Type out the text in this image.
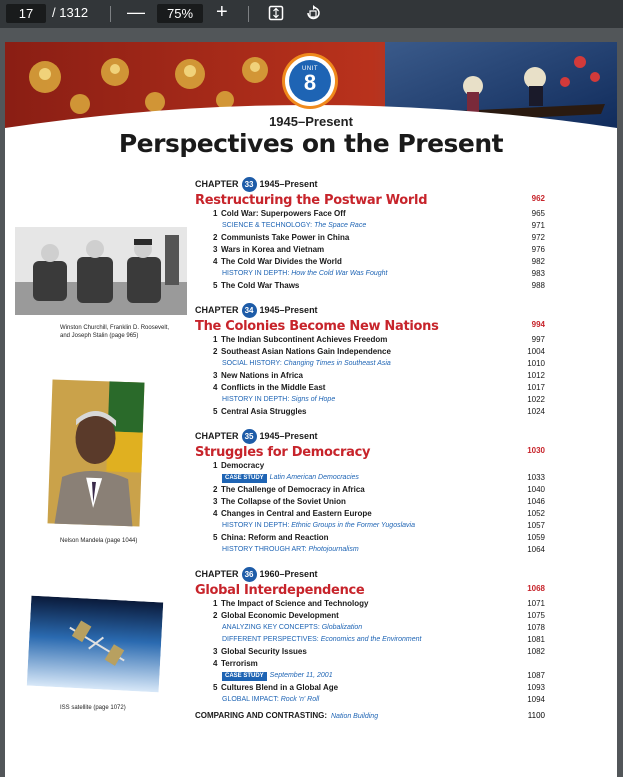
17	/ 1312 —	75%	+
UNIT
8
1945–Present
Perspectives on the Present
CHAPTER 33 1945–Present
Restructuring the Postwar World	962
1 Cold War: Superpowers Face Off	965
SCIENCE & TECHNOLOGY: The Space Race	971
2 Communists Take Power in China	972
3 Wars in Korea and Vietnam	976
4 The Cold War Divides the World	982
HISTORY IN DEPTH: How the Cold War Was Fought	983
5 The Cold War Thaws	988
CHAPTER 34 1945–Present
The Colonies Become New Nations	994
1 The Indian Subcontinent Achieves Freedom	997
2 Southeast Asian Nations Gain Independence	1004
SOCIAL HISTORY: Changing Times in Southeast Asia	1010
3 New Nations in Africa	1012
4 Conflicts in the Middle East	1017
HISTORY IN DEPTH: Signs of Hope	1022
5 Central Asia Struggles	1024
CHAPTER 35 1945–Present
Struggles for Democracy	1030
1 Democracy
CASE STUDY Latin American Democracies	1033
2 The Challenge of Democracy in Africa	1040
3 The Collapse of the Soviet Union	1046
4 Changes in Central and Eastern Europe	1052
HISTORY IN DEPTH: Ethnic Groups in the Former Yugoslavia	1057
5 China: Reform and Reaction	1059
HISTORY THROUGH ART: Photojournalism	1064
CHAPTER 36 1960–Present
Global Interdependence	1068
1 The Impact of Science and Technology	1071
2 Global Economic Development	1075
ANALYZING KEY CONCEPTS: Globalization	1078
DIFFERENT PERSPECTIVES: Economics and the Environment	1081
3 Global Security Issues	1082
4 Terrorism
CASE STUDY September 11, 2001	1087
5 Cultures Blend in a Global Age	1093
GLOBAL IMPACT: Rock 'n' Roll	1094
COMPARING AND CONTRASTING: Nation Building	1100
Winston Churchill, Franklin D. Roosevelt, and Joseph Stalin (page 965)
Nelson Mandela (page 1044)
ISS satellite (page 1072)
